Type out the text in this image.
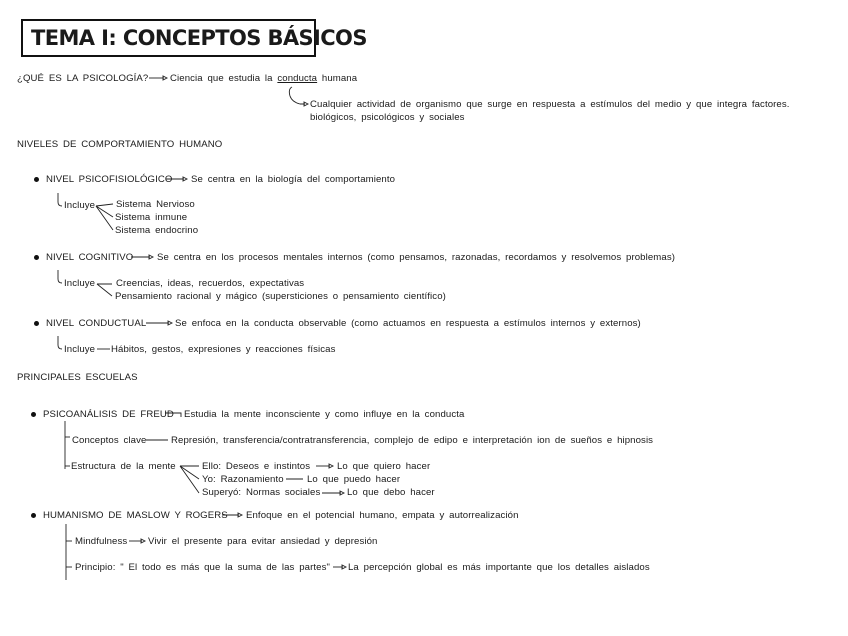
TEMA I: CONCEPTOS BÁSICOS
¿QUÉ ES LA PSICOLOGÍA? Ciencia que estudia la conducta humana
Cualquier actividad de organismo que surge en respuesta a estímulos del medio y que integra factores.
biológicos, psicológicos y sociales
NIVELES DE COMPORTAMIENTO HUMANO
NIVEL PSICOFISIOLÓGICO Se centra en la biología del comportamiento
Incluye Sistema Nervioso
Sistema inmune
Sistema endocrino
NIVEL COGNITIVO Se centra en los procesos mentales internos (como pensamos, razonadas, recordamos y resolvemos problemas)
Incluye Creencias, ideas, recuerdos, expectativas
Pensamiento racional y mágico (supersticiones o pensamiento científico)
NIVEL CONDUCTUAL	Se enfoca en la conducta observable (como actuamos en respuesta a estímulos internos y externos)
Incluye Hábitos, gestos, expresiones y reacciones físicas
PRINCIPALES ESCUELAS
PSICOANÁLISIS DE FREUD Estudia la mente inconsciente y como influye en la conducta
Conceptos clave	Represión, transferencia/contratransferencia, complejo de edipo e interpretación ion de sueños e hipnosis
Estructura de la mente	Ello: Deseos e instintos	Lo que quiero hacer
Yo: Razonamiento Lo que puedo hacer
Superyó: Normas sociales	Lo que debo hacer
HUMANISMO DE MASLOW Y ROGERS Enfoque en el potencial humano, empata y autorrealización
Mindfulness Vivir el presente para evitar ansiedad y depresión
Principio: " El todo es más que la suma de las partes" La percepción global es más importante que los detalles aislados
